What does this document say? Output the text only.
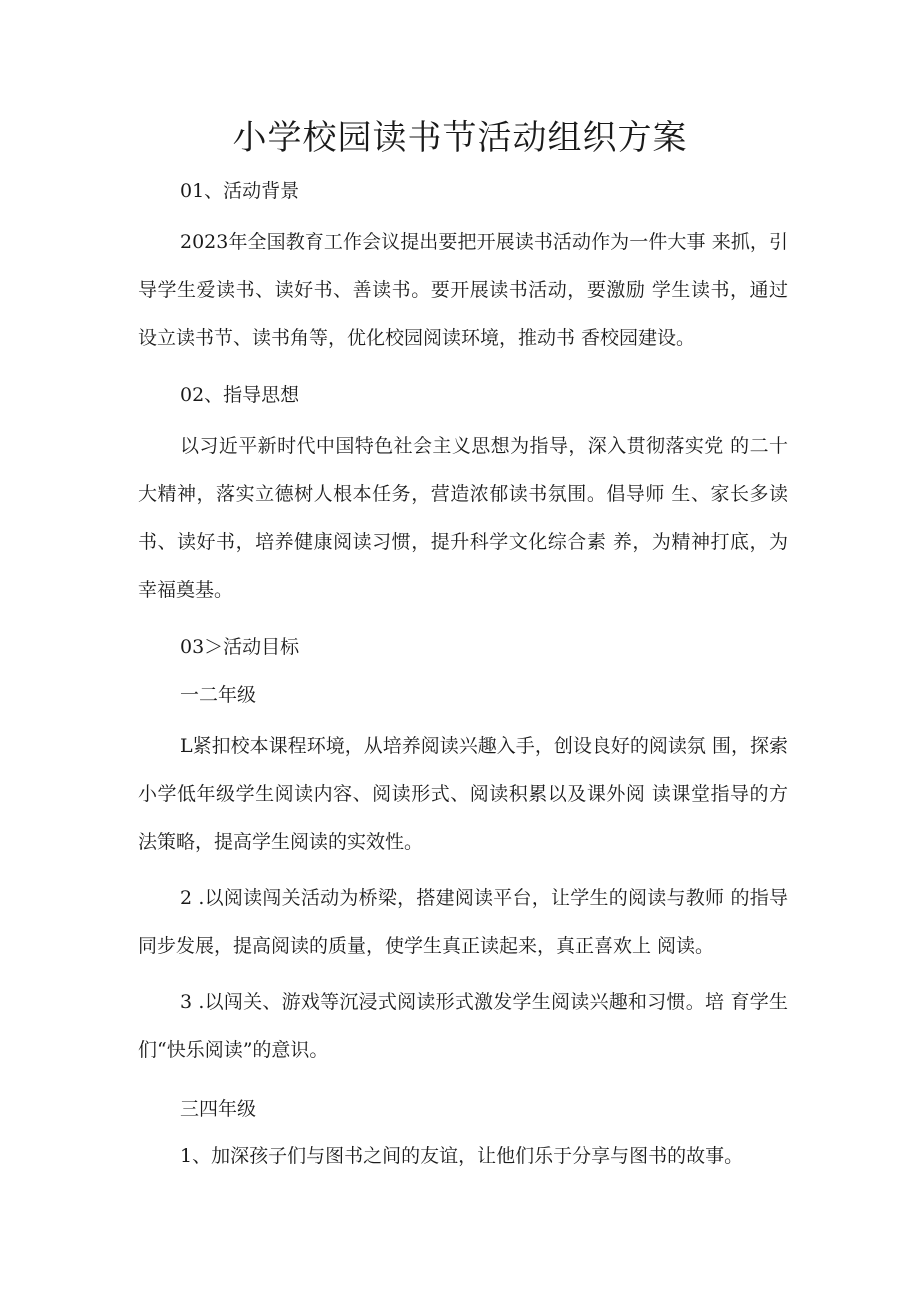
小学校园读书节活动组织方案

01、活动背景

2023年全国教育工作会议提出要把开展读书活动作为一件大事 来抓，引导学生爱读书、读好书、善读书。要开展读书活动，要激励 学生读书，通过设立读书节、读书角等，优化校园阅读环境，推动书 香校园建设。

02、指导思想

以习近平新时代中国特色社会主义思想为指导，深入贯彻落实党 的二十大精神，落实立德树人根本任务，营造浓郁读书氛围。倡导师 生、家长多读书、读好书，培养健康阅读习惯，提升科学文化综合素 养，为精神打底，为幸福奠基。

03＞活动目标

一二年级

L紧扣校本课程环境，从培养阅读兴趣入手，创设良好的阅读氛 围，探索小学低年级学生阅读内容、阅读形式、阅读积累以及课外阅 读课堂指导的方法策略，提高学生阅读的实效性。

2 .以阅读闯关活动为桥梁，搭建阅读平台，让学生的阅读与教师 的指导同步发展，提高阅读的质量，使学生真正读起来，真正喜欢上 阅读。

3 .以闯关、游戏等沉浸式阅读形式激发学生阅读兴趣和习惯。培 育学生们“快乐阅读”的意识。

三四年级

1、加深孩子们与图书之间的友谊，让他们乐于分享与图书的故事。
